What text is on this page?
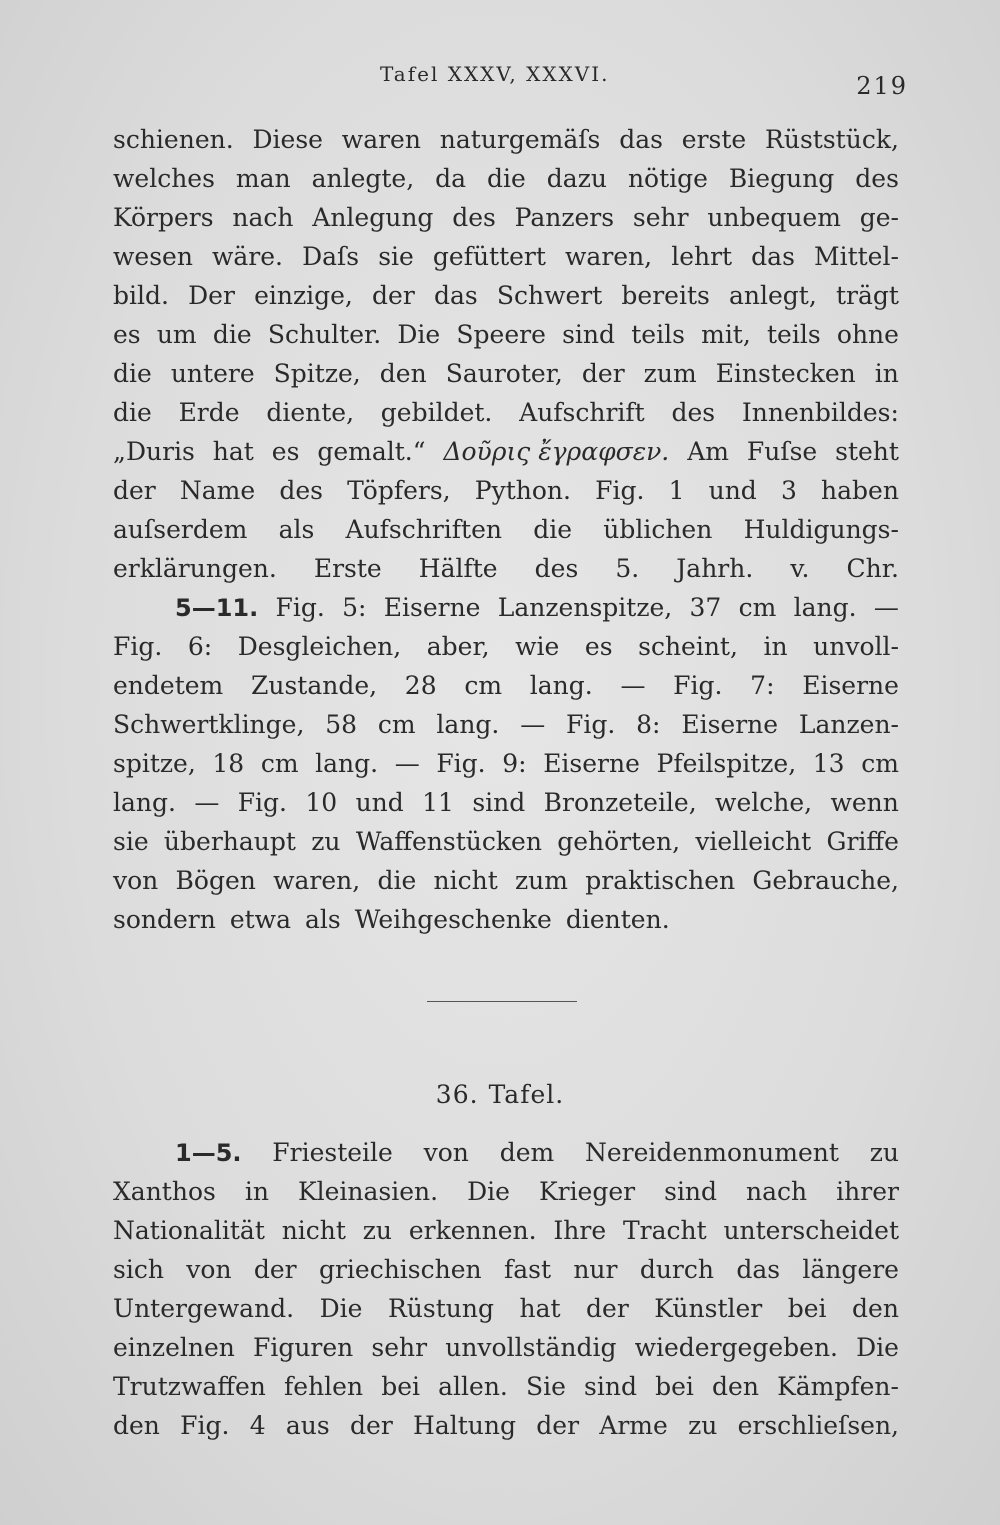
Tafel XXXV, XXXVI.	219
schienen. Diese waren naturgemäſs das erste Rüststück,
welches man anlegte, da die dazu nötige Biegung des
Körpers nach Anlegung des Panzers sehr unbequem ge-
wesen wäre. Daſs sie gefüttert waren, lehrt das Mittel-
bild. Der einzige, der das Schwert bereits anlegt, trägt
es um die Schulter. Die Speere sind teils mit, teils ohne
die untere Spitze, den Sauroter, der zum Einstecken in
die Erde diente, gebildet. Aufschrift des Innenbildes:
„Duris hat es gemalt.“ Δοῦρις ἔγραφσεν. Am Fuſse steht
der Name des Töpfers, Python. Fig. 1 und 3 haben
auſserdem als Aufschriften die üblichen Huldigungs-
erklärungen. Erste Hälfte des 5. Jahrh. v. Chr.
5—11. Fig. 5: Eiserne Lanzenspitze, 37 cm lang. —
Fig. 6: Desgleichen, aber, wie es scheint, in unvoll-
endetem Zustande, 28 cm lang. — Fig. 7: Eiserne
Schwertklinge, 58 cm lang. — Fig. 8: Eiserne Lanzen-
spitze, 18 cm lang. — Fig. 9: Eiserne Pfeilspitze, 13 cm
lang. — Fig. 10 und 11 sind Bronzeteile, welche, wenn
sie überhaupt zu Waffenstücken gehörten, vielleicht Griffe
von Bögen waren, die nicht zum praktischen Gebrauche,
sondern etwa als Weihgeschenke dienten.
36. Tafel.
1—5. Friesteile von dem Nereidenmonument zu
Xanthos in Kleinasien. Die Krieger sind nach ihrer
Nationalität nicht zu erkennen. Ihre Tracht unterscheidet
sich von der griechischen fast nur durch das längere
Untergewand. Die Rüstung hat der Künstler bei den
einzelnen Figuren sehr unvollständig wiedergegeben. Die
Trutzwaffen fehlen bei allen. Sie sind bei den Kämpfen-
den Fig. 4 aus der Haltung der Arme zu erschlieſsen,
